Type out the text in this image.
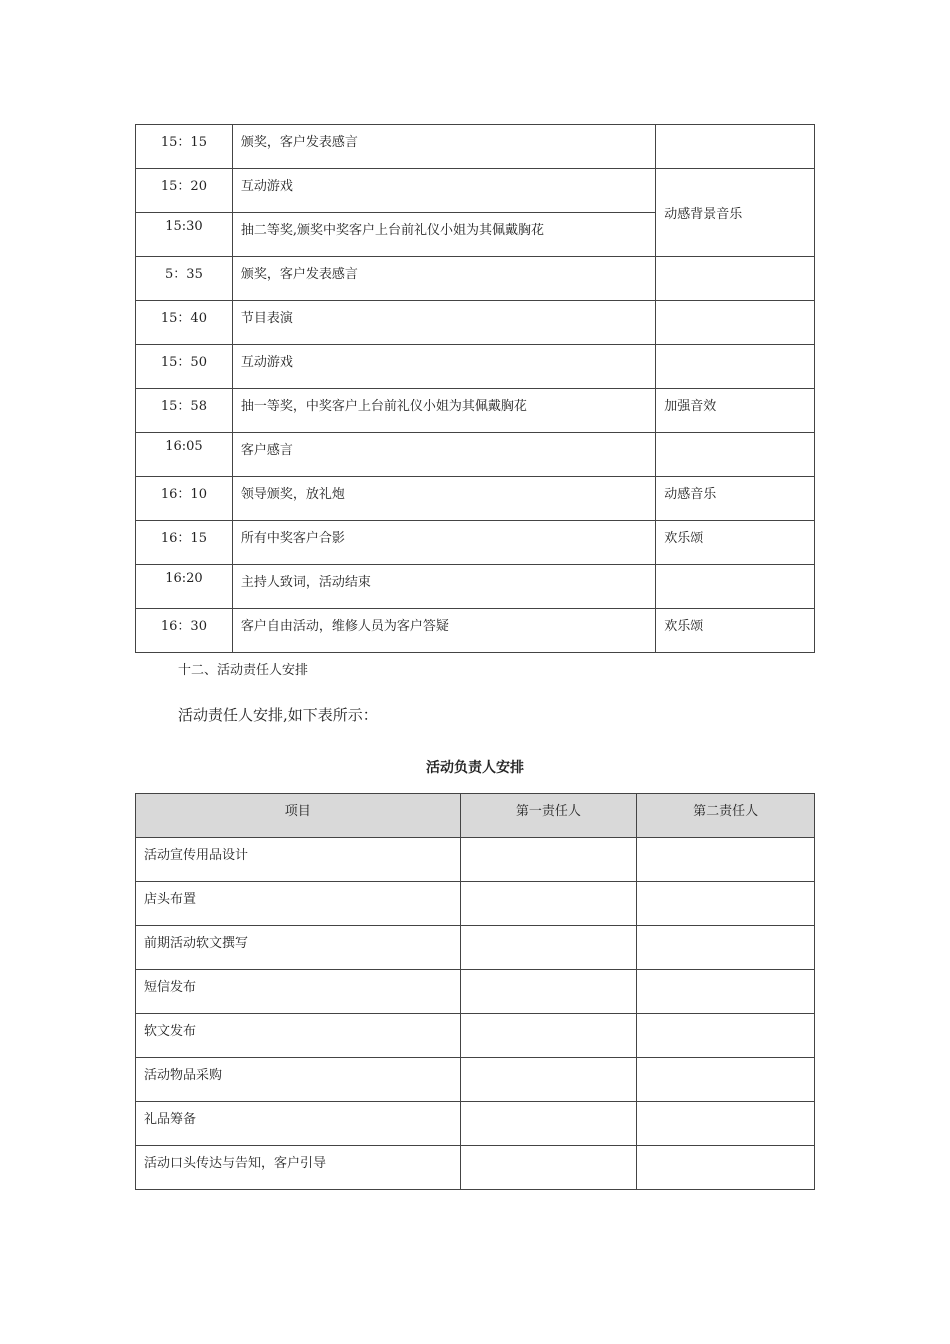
15：15	颁奖，客户发表感言	
15：20	互动游戏	动感背景音乐
15:30	抽二等奖,颁奖中奖客户上台前礼仪小姐为其佩戴胸花	
5：35	颁奖，客户发表感言	
15：40	节目表演	
15：50	互动游戏	
15：58	抽一等奖，中奖客户上台前礼仪小姐为其佩戴胸花	加强音效
16:05	客户感言	
16：10	领导颁奖，放礼炮	动感音乐
16：15	所有中奖客户合影	欢乐颂
16:20	主持人致词，活动结束	
16：30	客户自由活动，维修人员为客户答疑	欢乐颂
十二、活动责任人安排
活动责任人安排,如下表所示：
活动负责人安排
项目	第一责任人	第二责任人
活动宣传用品设计		
店头布置		
前期活动软文撰写		
短信发布		
软文发布		
活动物品采购		
礼品筹备		
活动口头传达与告知，客户引导		
